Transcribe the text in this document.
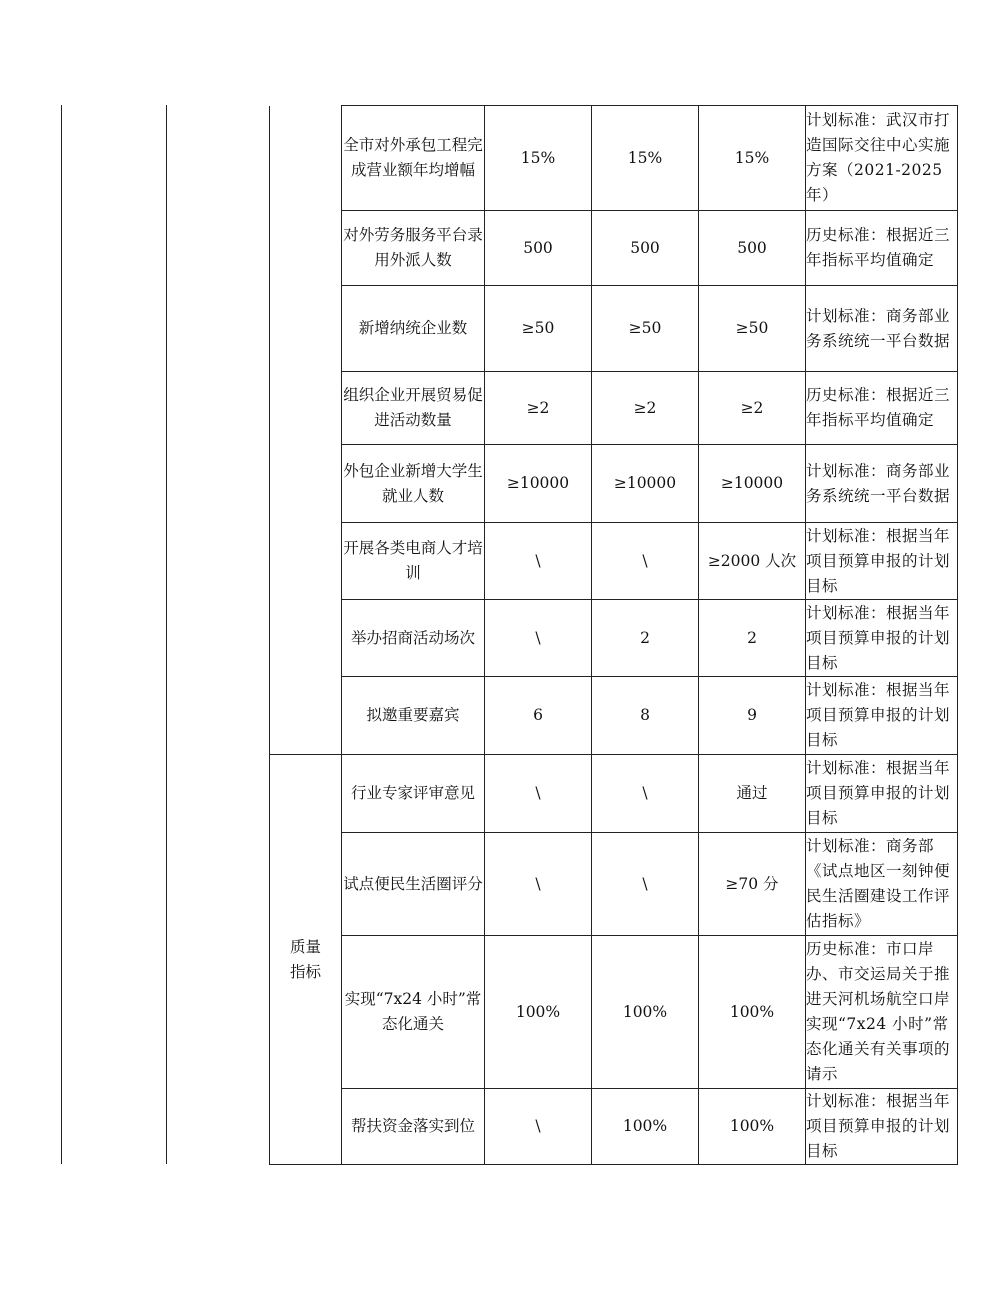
	全市对外承包工程完成营业额年均增幅	15%	15%	15%	计划标准：武汉市打造国际交往中心实施方案（2021-2025年）
	对外劳务服务平台录用外派人数	500	500	500	历史标准：根据近三年指标平均值确定
	新增纳统企业数	≥50	≥50	≥50	计划标准：商务部业务系统统一平台数据
	组织企业开展贸易促进活动数量	≥2	≥2	≥2	历史标准：根据近三年指标平均值确定
	外包企业新增大学生就业人数	≥10000	≥10000	≥10000	计划标准：商务部业务系统统一平台数据
	开展各类电商人才培训	\	\	≥2000 人次	计划标准：根据当年项目预算申报的计划目标
	举办招商活动场次	\	2	2	计划标准：根据当年项目预算申报的计划目标
	拟邀重要嘉宾	6	8	9	计划标准：根据当年项目预算申报的计划目标

质量指标	行业专家评审意见	\	\	通过	计划标准：根据当年项目预算申报的计划目标
	试点便民生活圈评分	\	\	≥70 分	计划标准：商务部《试点地区一刻钟便民生活圈建设工作评估指标》
	实现“7x24 小时”常态化通关	100%	100%	100%	历史标准：市口岸办、市交运局关于推进天河机场航空口岸实现“7x24 小时”常态化通关有关事项的请示
	帮扶资金落实到位	\	100%	100%	计划标准：根据当年项目预算申报的计划目标
